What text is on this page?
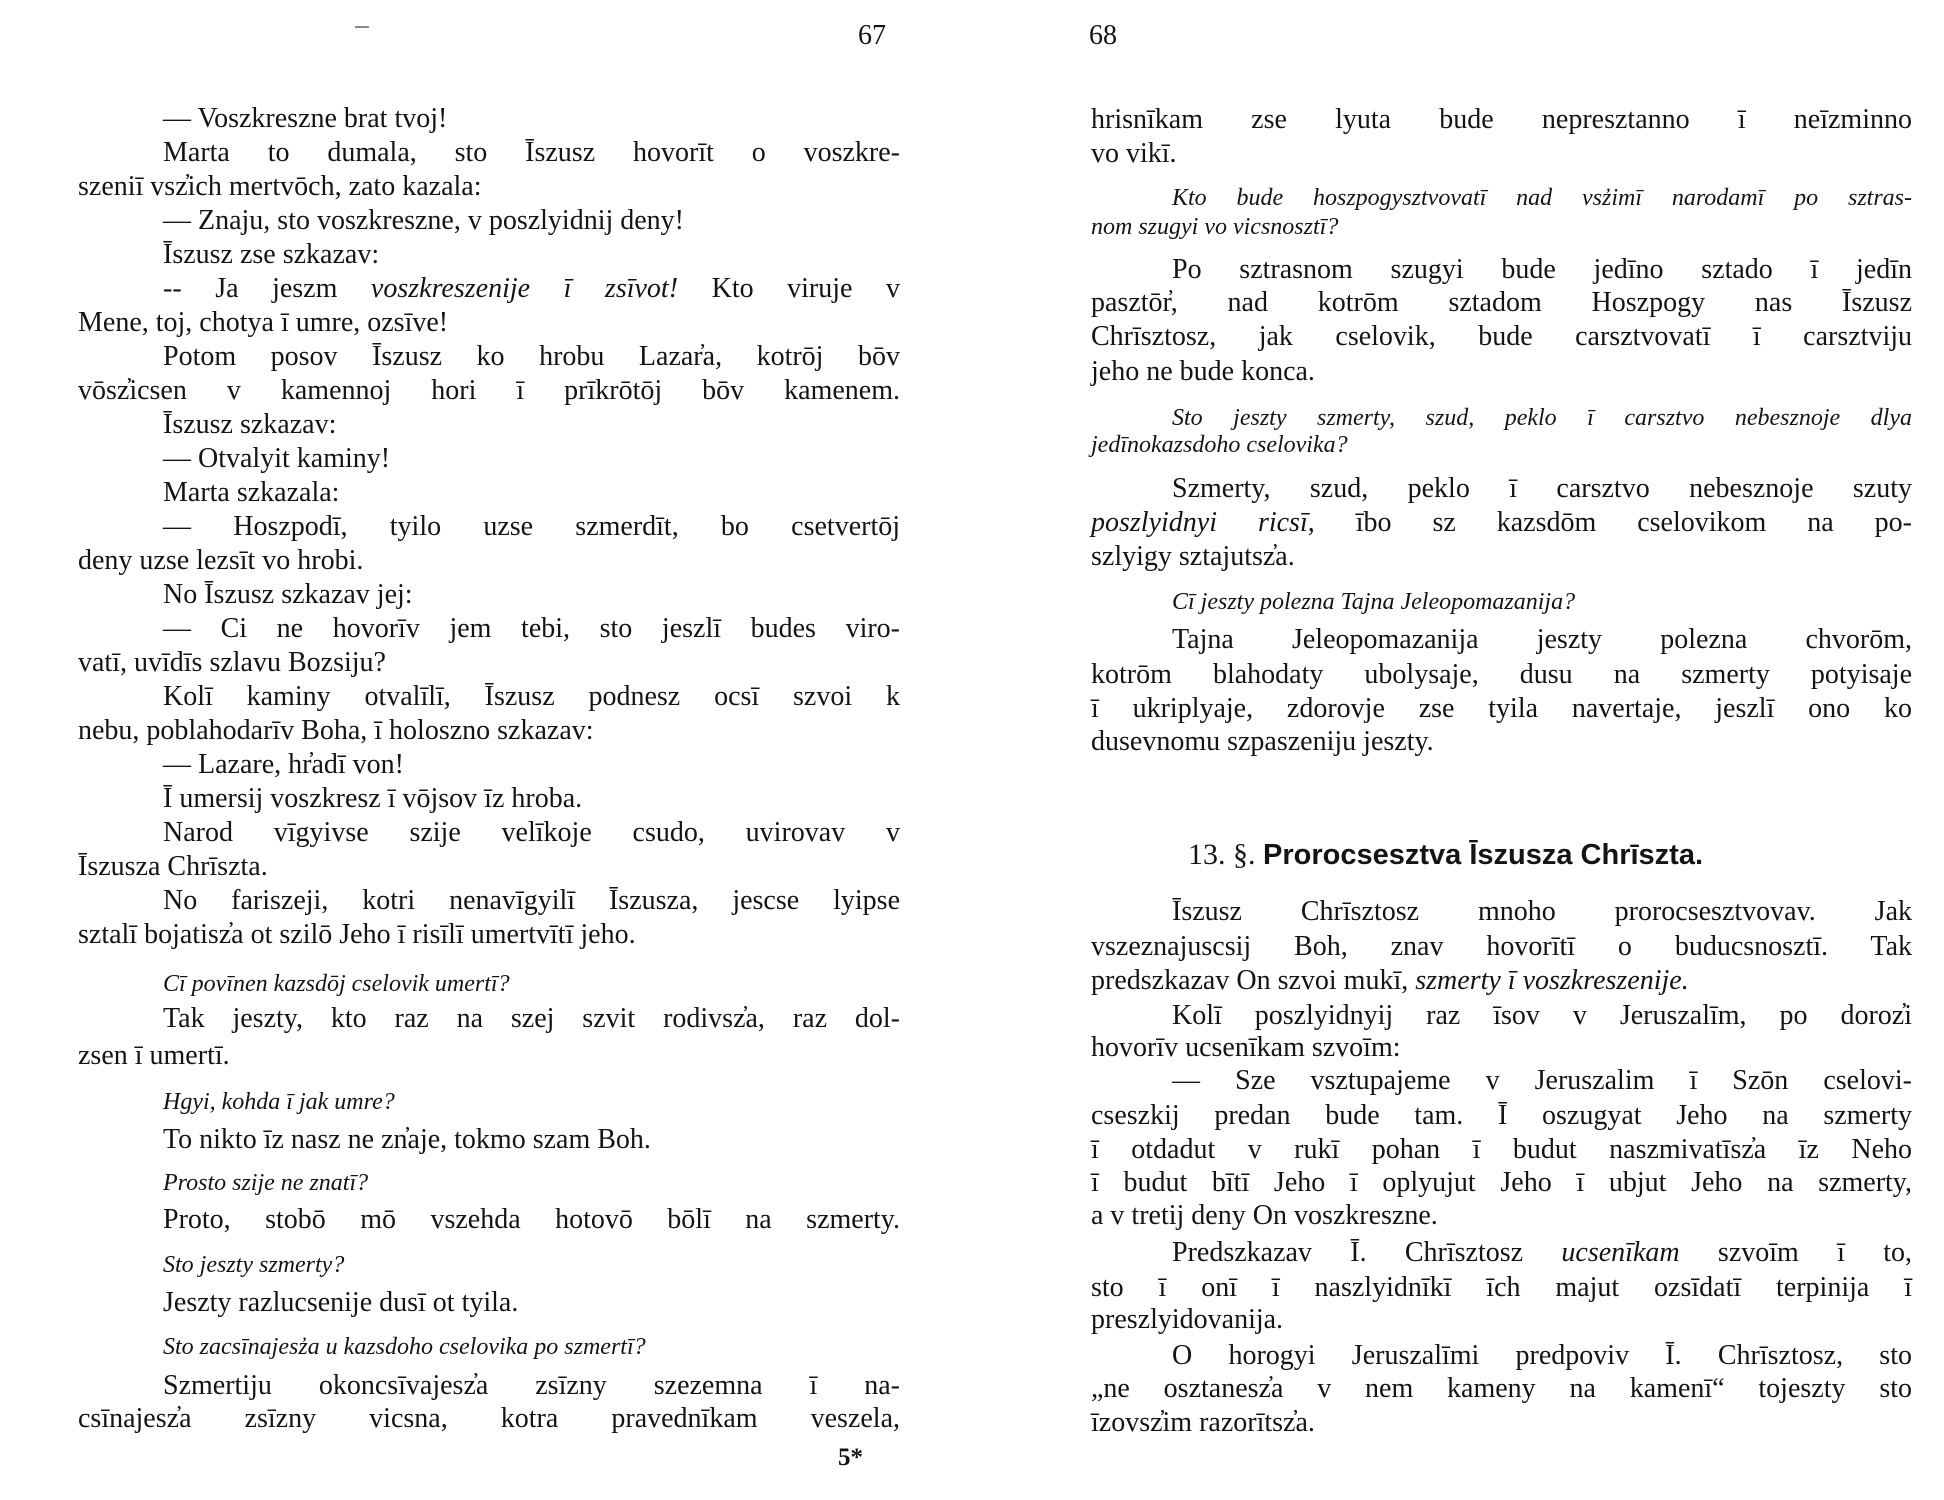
67
— Voszkreszne brat tvoj!
Marta to dumala, sto Īszusz hovorīt o voszkre-
szeniī vsz̓ich mertvōch, zato kazala:
— Znaju, sto voszkreszne, v poszlyidnij deny!
Īszusz zse szkazav:
-- Ja jeszm voszkreszenije ī zsīvot! Kto viruje v
Mene, toj, chotya ī umre, ozsīve!
Potom posov Īszusz ko hrobu Lazar̓a, kotrōj bōv
vōsz̓icsen v kamennoj hori ī prīkrōtōj bōv kamenem.
Īszusz szkazav:
— Otvalyit kaminy!
Marta szkazala:
— Hoszpodī, tyilo uzse szmerdīt, bo csetvertōj
deny uzse lezsīt vo hrobi.
No Īszusz szkazav jej:
— Ci ne hovorīv jem tebi, sto jeszlī budes viro-
vatī, uvīdīs szlavu Bozsiju?
Kolī kaminy otvalīlī, Īszusz podnesz ocsī szvoi k
nebu, poblahodarīv Boha, ī holoszno szkazav:
— Lazare, hr̓adī von!
Ī umersij voszkresz ī vōjsov īz hroba.
Narod vīgyivse szije velīkoje csudo, uvirovav v
Īszusza Chrīszta.
No fariszeji, kotri nenavīgyilī Īszusza, jescse lyipse
sztalī bojatisz̓a ot szilō Jeho ī risīlī umertvītī jeho.
Cī povīnen kazsdōj cselovik umertī?
Tak jeszty, kto raz na szej szvit rodivsz̓a, raz dol-
zsen ī umertī.
Hgyi, kohda ī jak umre?
To nikto īz nasz ne zn̓aje, tokmo szam Boh.
Prosto szije ne znatī?
Proto, stobō mō vszehda hotovō bōlī na szmerty.
Sto jeszty szmerty?
Jeszty razlucsenije dusī ot tyila.
Sto zacsīnajesz̓a u kazsdoho cselovika po szmertī?
Szmertiju okoncsīvajesz̓a zsīzny szezemna ī na-
csīnajesz̓a zsīzny vicsna, kotra pravednīkam veszela,
5*
68
hrisnīkam zse lyuta bude nepresztanno ī neīzminno
vo vikī.
Kto bude hoszpogysztvovatī nad vsz̓imī narodamī po sztras-
nom szugyi vo vicsnosztī?
Po sztrasnom szugyi bude jedīno sztado ī jedīn
pasztōr̓, nad kotrōm sztadom Hoszpogy nas Īszusz
Chrīsztosz, jak cselovik, bude carsztvovatī ī carsztviju
jeho ne bude konca.
Sto jeszty szmerty, szud, peklo ī carsztvo nebesznoje dlya
jedīnokazsdoho cselovika?
Szmerty, szud, peklo ī carsztvo nebesznoje szuty
poszlyidnyi ricsī, ībo sz kazsdōm cselovikom na po-
szlyigy sztajutsz̓a.
Cī jeszty polezna Tajna Jeleopomazanija?
Tajna Jeleopomazanija jeszty polezna chvorōm,
kotrōm blahodaty ubolysaje, dusu na szmerty potyisaje
ī ukriplyaje, zdorovje zse tyila navertaje, jeszlī ono ko
dusevnomu szpaszeniju jeszty.
13. §. Prorocsesztva Īszusza Chrīszta.
Īszusz Chrīsztosz mnoho prorocsesztvovav. Jak
vszeznajuscsij Boh, znav hovorītī o buducsnosztī. Tak
predszkazav On szvoi mukī, szmerty ī voszkreszenije.
Kolī poszlyidnyij raz īsov v Jeruszalīm, po doroz̓i
hovorīv ucsenīkam szvoīm:
— Sze vsztupajeme v Jeruszalim ī Szōn cselovi-
cseszkij predan bude tam. Ī oszugyat Jeho na szmerty
ī otdadut v rukī pohan ī budut naszmivatīsz̓a īz Neho
ī budut bītī Jeho ī oplyujut Jeho ī ubjut Jeho na szmerty,
a v tretij deny On voszkreszne.
Predszkazav Ī. Chrīsztosz ucsenīkam szvoīm ī to,
sto ī onī ī naszlyidnīkī īch majut ozsīdatī terpinija ī
preszlyidovanija.
O horogyi Jeruszalīmi predpoviv Ī. Chrīsztosz, sto
„ne osztanesz̓a v nem kameny na kamenī“ tojeszty sto
īzovsz̓im razorītsz̓a.
